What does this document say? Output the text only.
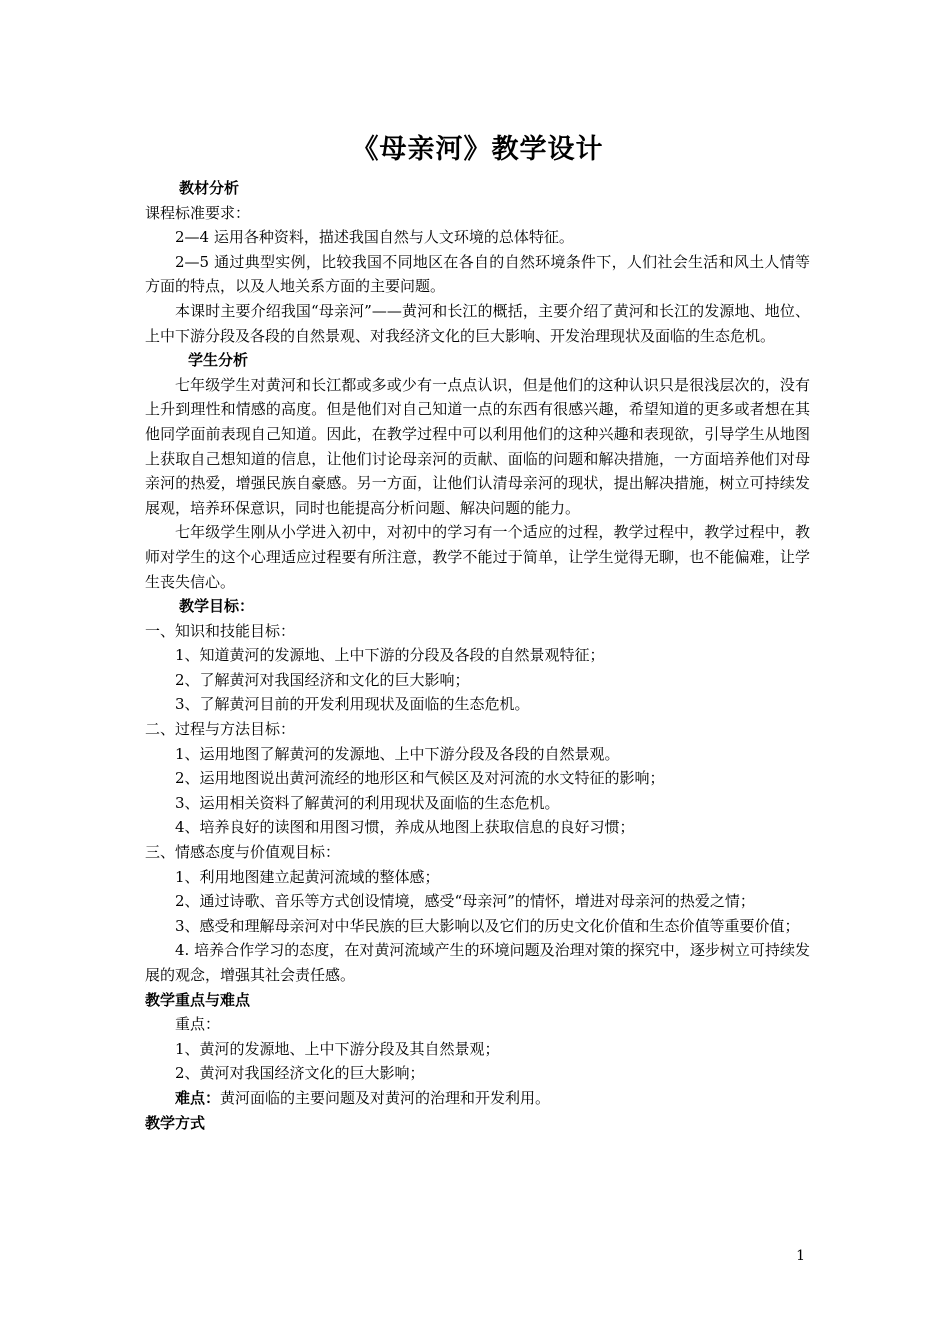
《母亲河》教学设计

教材分析

课程标准要求：

2—4 运用各种资料，描述我国自然与人文环境的总体特征。

2—5 通过典型实例，比较我国不同地区在各自的自然环境条件下，人们社会生活和风土人情等方面的特点，以及人地关系方面的主要问题。

本课时主要介绍我国“母亲河”——黄河和长江的概括，主要介绍了黄河和长江的发源地、地位、上中下游分段及各段的自然景观、对我经济文化的巨大影响、开发治理现状及面临的生态危机。

学生分析

七年级学生对黄河和长江都或多或少有一点点认识，但是他们的这种认识只是很浅层次的，没有上升到理性和情感的高度。但是他们对自己知道一点的东西有很感兴趣，希望知道的更多或者想在其他同学面前表现自己知道。因此，在教学过程中可以利用他们的这种兴趣和表现欲，引导学生从地图上获取自己想知道的信息，让他们讨论母亲河的贡献、面临的问题和解决措施，一方面培养他们对母亲河的热爱，增强民族自豪感。另一方面，让他们认清母亲河的现状，提出解决措施，树立可持续发展观，培养环保意识，同时也能提高分析问题、解决问题的能力。

七年级学生刚从小学进入初中，对初中的学习有一个适应的过程，教学过程中，教学过程中，教师对学生的这个心理适应过程要有所注意，教学不能过于简单，让学生觉得无聊，也不能偏难，让学生丧失信心。

教学目标：

一、知识和技能目标：

1、知道黄河的发源地、上中下游的分段及各段的自然景观特征；

2、了解黄河对我国经济和文化的巨大影响；

3、了解黄河目前的开发利用现状及面临的生态危机。

二、过程与方法目标：

1、运用地图了解黄河的发源地、上中下游分段及各段的自然景观。

2、运用地图说出黄河流经的地形区和气候区及对河流的水文特征的影响；

3、运用相关资料了解黄河的利用现状及面临的生态危机。

4、培养良好的读图和用图习惯，养成从地图上获取信息的良好习惯；

三、情感态度与价值观目标：

1、利用地图建立起黄河流域的整体感；

2、通过诗歌、音乐等方式创设情境，感受“母亲河”的情怀，增进对母亲河的热爱之情；

3、感受和理解母亲河对中华民族的巨大影响以及它们的历史文化价值和生态价值等重要价值；

4. 培养合作学习的态度，在对黄河流域产生的环境问题及治理对策的探究中，逐步树立可持续发展的观念，增强其社会责任感。

教学重点与难点

重点：

1、黄河的发源地、上中下游分段及其自然景观；

2、黄河对我国经济文化的巨大影响；

难点：黄河面临的主要问题及对黄河的治理和开发利用。

教学方式

1
